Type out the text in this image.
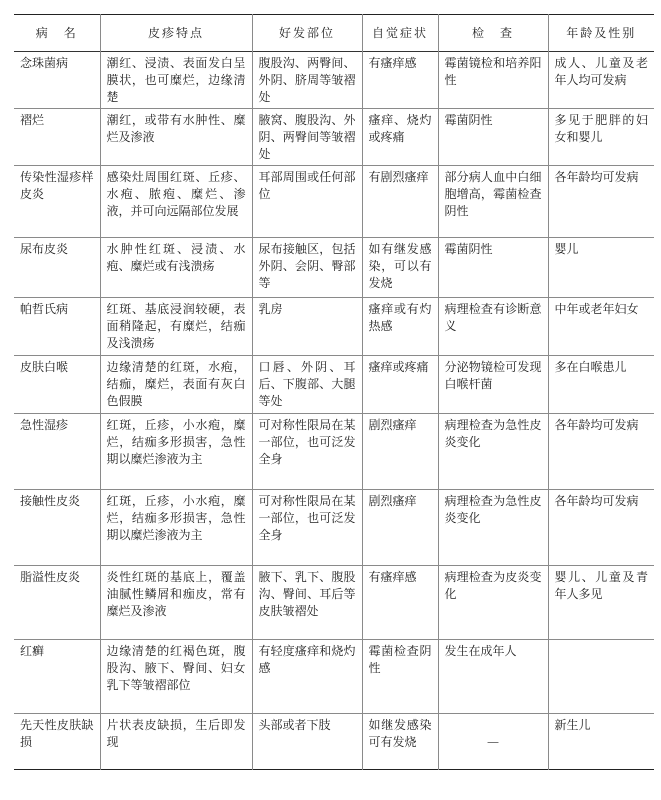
病　名	皮疹特点	好发部位	自觉症状	检　查	年龄及性别
念珠菌病	潮红、浸渍、表面发白呈膜状，也可糜烂，边缘清楚	腹股沟、两臀间、外阴、脐周等皱褶处	有瘙痒感	霉菌镜检和培养阳性	成人、儿童及老年人均可发病
褶烂	潮红，或带有水肿性、糜烂及渗液	腋窝、腹股沟、外阴、两臀间等皱褶处	瘙痒、烧灼或疼痛	霉菌阴性	多见于肥胖的妇女和婴儿
传染性湿疹样皮炎	感染灶周围红斑、丘疹、水疱、脓疱、糜烂、渗液，并可向远隔部位发展	耳部周围或任何部位	有剧烈瘙痒	部分病人血中白细胞增高，霉菌检查阴性	各年龄均可发病
尿布皮炎	水肿性红斑、浸渍、水疱、糜烂或有浅溃疡	尿布接触区，包括外阴、会阴、臀部等	如有继发感染，可以有发烧	霉菌阴性	婴儿
帕哲氏病	红斑、基底浸润较硬，表面稍隆起，有糜烂，结痂及浅溃疡	乳房	瘙痒或有灼热感	病理检查有诊断意义	中年或老年妇女
皮肤白喉	边缘清楚的红斑，水疱，结痂，糜烂，表面有灰白色假膜	口唇、外阴、耳后、下腹部、大腿等处	瘙痒或疼痛	分泌物镜检可发现白喉杆菌	多在白喉患儿
急性湿疹	红斑，丘疹，小水疱，糜烂，结痂多形损害，急性期以糜烂渗液为主	可对称性限局在某一部位，也可泛发全身	剧烈瘙痒	病理检查为急性皮炎变化	各年龄均可发病
接触性皮炎	红斑，丘疹，小水疱，糜烂，结痂多形损害，急性期以糜烂渗液为主	可对称性限局在某一部位，也可泛发全身	剧烈瘙痒	病理检查为急性皮炎变化	各年龄均可发病
脂溢性皮炎	炎性红斑的基底上，覆盖油腻性鳞屑和痂皮，常有糜烂及渗液	腋下、乳下、腹股沟、臀间、耳后等皮肤皱褶处	有瘙痒感	病理检查为皮炎变化	婴儿、儿童及青年人多见
红癣	边缘清楚的红褐色斑，腹股沟、腋下、臀间、妇女乳下等皱褶部位	有轻度瘙痒和烧灼感	霉菌检查阴性	发生在成年人	
先天性皮肤缺损	片状表皮缺损，生后即发现	头部或者下肢	如继发感染可有发烧	—	新生儿
